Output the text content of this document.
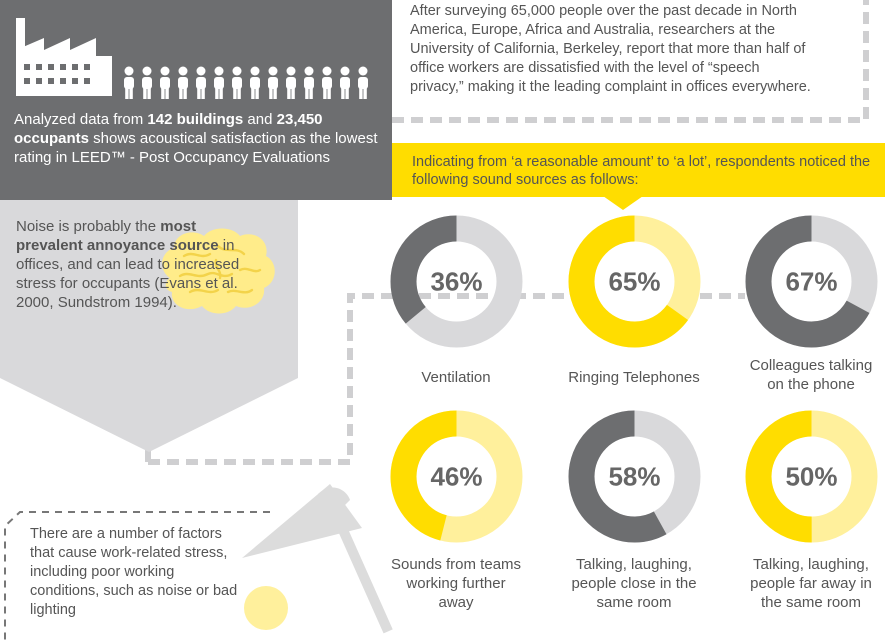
Analyzed data from 142 buildings and 23,450
occupants shows acoustical satisfaction as the lowest rating in LEED™ - Post Occupancy Evaluations
Noise is probably the most prevalent annoyance source in offices, and can lead to increased stress for occupants (Evans et al. 2000, Sundstrom 1994).
After surveying 65,000 people over the past decade in North
America, Europe, Africa and Australia, researchers at the
University of California, Berkeley, report that more than half of
office workers are dissatisfied with the level of “speech
privacy,” making it the leading complaint in offices everywhere.
Indicating from ‘a reasonable amount’ to ‘a lot’, respondents noticed the following sound sources as follows:
36%
Ventilation
65%
Ringing Telephones
67%
Colleagues talking
on the phone
46%
Sounds from teams
working further
away
58%
Talking, laughing,
people close in the
same room
50%
Talking, laughing,
people far away in
the same room
There are a number of factors that cause work-related stress, including poor working conditions, such as noise or bad lighting
